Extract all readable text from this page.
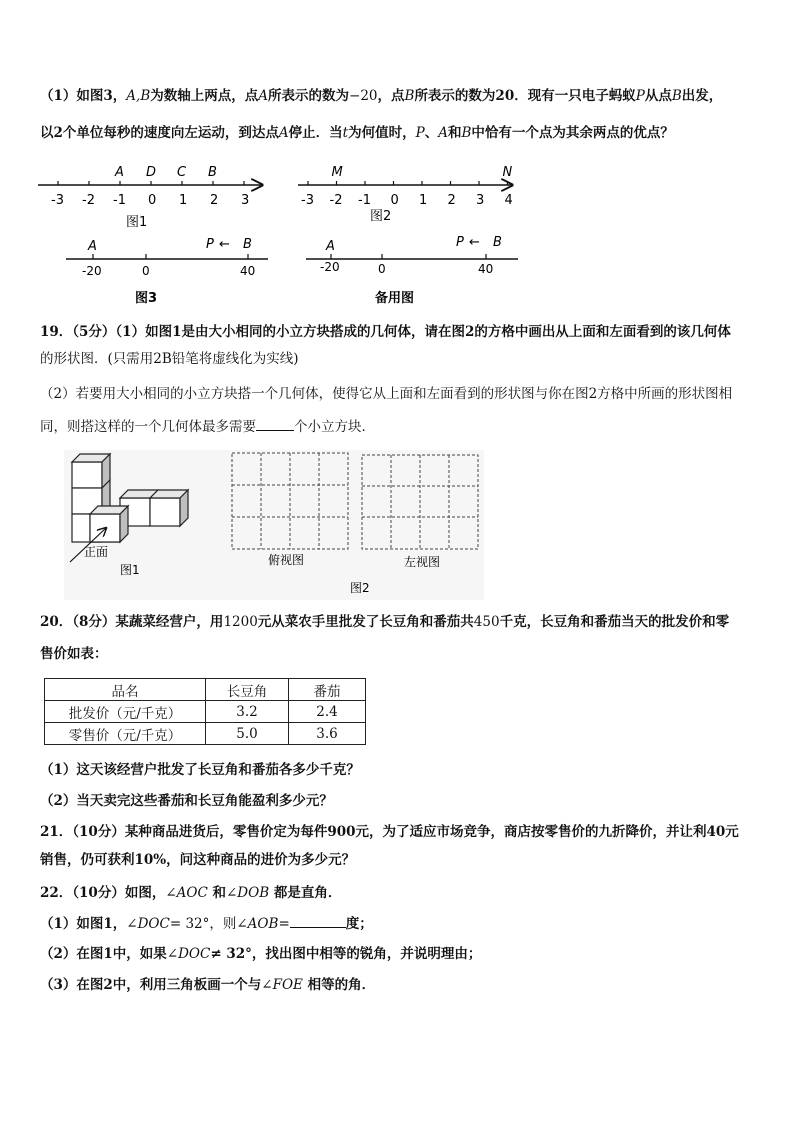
（1）如图3，A,B为数轴上两点，点A所表示的数为−20，点B所表示的数为20．现有一只电子蚂蚁P从点B出发，
以2个单位每秒的速度向左运动，到达点A停止．当t为何值时，P、A和B中恰有一个点为其余两点的优点？
-3 -2 -1 0 1 2 3
A D C B
图1
-3 -2 -1 0 1 2 3 4
M	N
图2
A
-20	0	40
P ← B
图3
A
-20	0	40
P ← B
备用图
19．（5分）（1）如图1是由大小相同的小立方块搭成的几何体，请在图2的方格中画出从上面和左面看到的该几何体
的形状图．(只需用2B铅笔将虚线化为实线)
（2）若要用大小相同的小立方块搭一个几何体，使得它从上面和左面看到的形状图与你在图2方格中所画的形状图相
同，则搭这样的一个几何体最多需要	个小立方块．
正面
图1
俯视图	左视图
图2
20．（8分）某蔬菜经营户，用1200元从菜农手里批发了长豆角和番茄共450千克，长豆角和番茄当天的批发价和零
售价如表：
品名	长豆角	番茄
批发价（元/千克）	3.2	2.4
零售价（元/千克）	5.0	3.6
（1）这天该经营户批发了长豆角和番茄各多少千克？
（2）当天卖完这些番茄和长豆角能盈利多少元？
21．（10分）某种商品进货后，零售价定为每件900元，为了适应市场竞争，商店按零售价的九折降价，并让利40元
销售，仍可获利10%，问这种商品的进价为多少元？
22．（10分）如图，∠AOC 和∠DOB 都是直角．
（1）如图1，∠DOC= 32°，则∠AOB=	度；
（2）在图1中，如果∠DOC≠ 32°，找出图中相等的锐角，并说明理由；
（3）在图2中，利用三角板画一个与∠FOE 相等的角．
